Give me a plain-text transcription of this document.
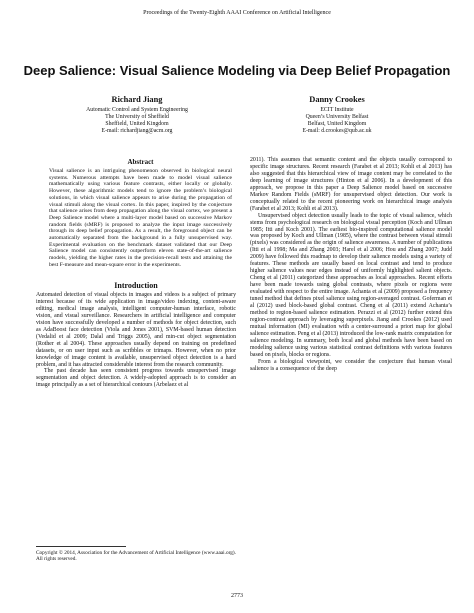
Proceedings of the Twenty-Eighth AAAI Conference on Artificial Intelligence
Deep Salience: Visual Salience Modeling via Deep Belief Propagation
Richard Jiang
Automatic Control and System Engineering
The University of Sheffield
Sheffield, United Kingdom
E-mail: richardjiang@acm.org
Danny Crookes
ECIT Institute
Queen’s University Belfast
Belfast, United Kingdom
E-mail: d.crookes@qub.ac.uk
Abstract
Visual salience is an intriguing phenomenon observed in biological neural systems. Numerous attempts have been made to model visual salience mathematically using various feature contrasts, either locally or globally. However, these algorithmic models tend to ignore the problem’s biological solutions, in which visual salience appears to arise during the propagation of visual stimuli along the visual cortex. In this paper, inspired by the conjecture that salience arises from deep propagation along the visual cortex, we present a Deep Salience model where a multi-layer model based on successive Markov random fields (sMRF) is proposed to analyze the input image successively through its deep belief propagation. As a result, the foreground object can be automatically separated from the background in a fully unsupervised way. Experimental evaluation on the benchmark dataset validated that our Deep Salience model can consistently outperform eleven state-of-the-art salience models, yielding the higher rates in the precision-recall tests and attaining the best F-measure and mean-square error in the experiments.
Introduction

Automated detection of visual objects in images and videos is a subject of primary interest because of its wide application in image/video indexing, content-aware editing, medical image analysis, intelligent computer-human interface, robotic vision, and visual surveillance. Researchers in artificial intelligence and computer vision have successfully developed a number of methods for object detection, such as AdaBoost face detection (Viola and Jones 2001), SVM-based human detection (Vedalid et al 2009; Dalal and Triggs 2005), and min-cut object segmentation (Rother et al 2004). These approaches usually depend on training on predefined datasets, or on user input such as scribbles or trimaps. However, when no prior knowledge of image content is available, unsupervised object detection is a hard problem, and it has attracted considerable interest from the research community.

The past decade has seen consistent progress towards unsupervised image segmentation and object detection. A widely-adopted approach is to consider an image principally as a set of hierarchical contours (Arbelaez et al

Copyright © 2014, Association for the Advancement of Artificial Intelligence (www.aaai.org). All rights reserved.

2011). This assumes that semantic content and the objects usually correspond to specific image structures. Recent research (Farabet et al 2013; Kohli et al 2013) has also suggested that this hierarchical view of image content may be correlated to the deep learning of image structures (Hinton et al 2006). In a development of this approach, we propose in this paper a Deep Salience model based on successive Markov Random Fields (sMRF) for unsupervised object detection. Our work is conceptually related to the recent pioneering work on hierarchical image analysis (Farabet et al 2013; Kohli et al 2013).

Unsupervised object detection usually leads to the topic of visual salience, which stems from psychological research on biological visual perception (Koch and Ullman 1985; Itti and Koch 2001). The earliest bio-inspired computational salience model was proposed by Koch and Ullman (1985), where the contrast between visual stimuli (pixels) was considered as the origin of salience awareness. A number of publications (Itti et al 1998; Ma and Zhang 2003; Harel et al 2006; Hou and Zhang 2007; Judd 2009) have followed this roadmap to develop their salience models using a variety of features. These methods are usually based on local contrast and tend to produce higher salience values near edges instead of uniformly highlighted salient objects. Cheng et al (2011) categorized these approaches as local approaches. Recent efforts have been made towards using global contrasts, where pixels or regions were evaluated with respect to the entire image. Achanta et al (2009) proposed a frequency tuned method that defines pixel salience using region-averaged contrast. Goferman et al (2012) used block-based global contrast. Cheng et al (2011) extend Achanta’s method to region-based salience estimation. Perazzi et al (2012) further extend this region-contrast approach by leveraging superpixels. Jiang and Crookes (2012) used mutual information (MI) evaluation with a center-surround a priori map for global salience estimation. Peng et al (2013) introduced the low-rank matrix computation for salience modeling. In summary, both local and global methods have been based on modeling salience using various statistical contrast definitions with various features based on pixels, blocks or regions.

From a biological viewpoint, we consider the conjecture that human visual salience is a consequence of the deep

2773
